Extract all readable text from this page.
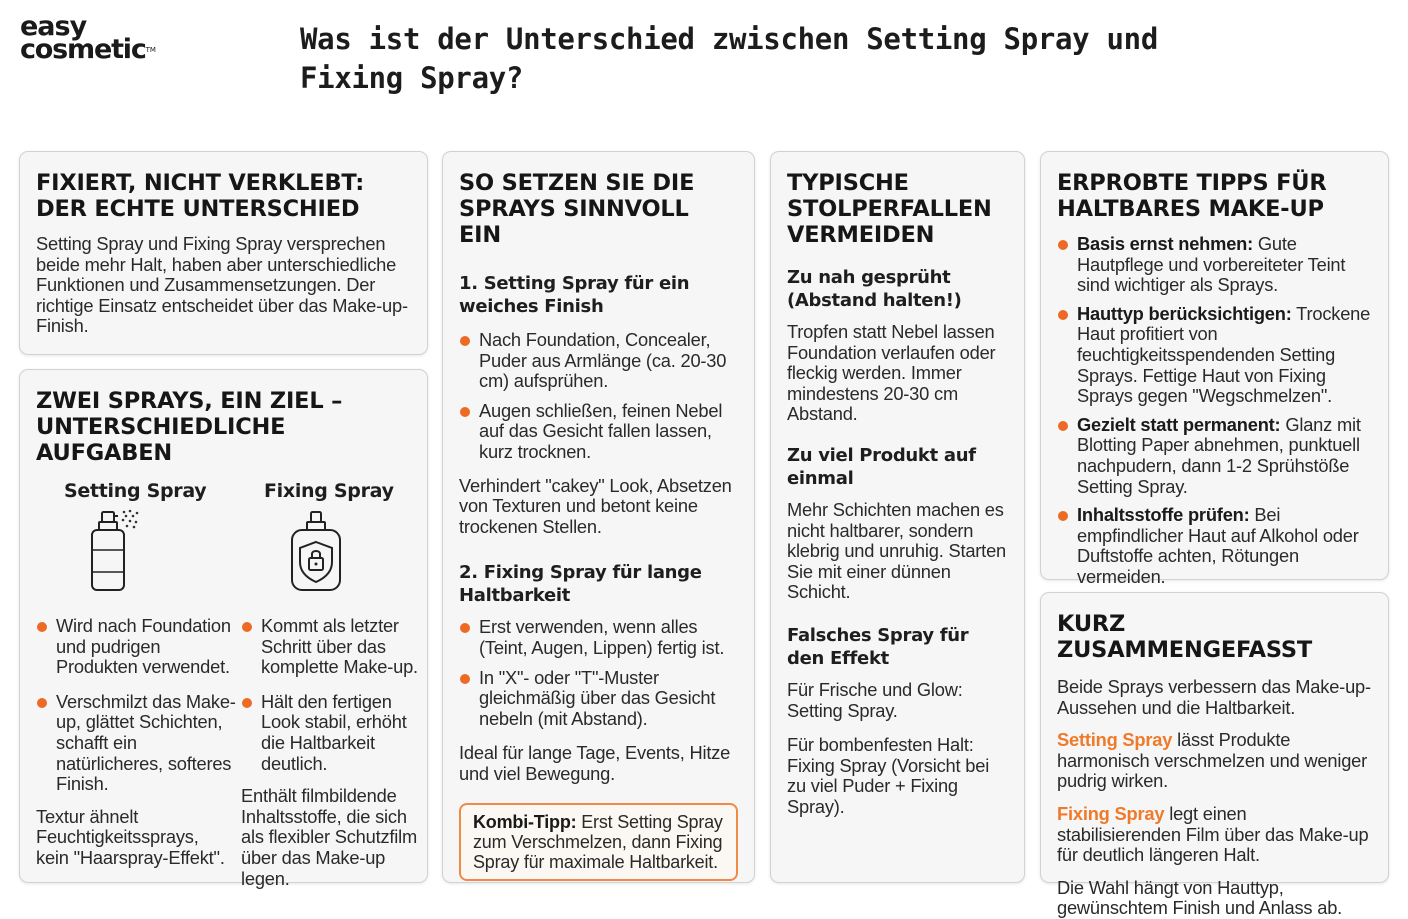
easy
cosmetic™	Was ist der Unterschied zwischen Setting Spray und Fixing Spray?
FIXIERT, NICHT VERKLEBT: DER ECHTE UNTERSCHIED

Setting Spray und Fixing Spray versprechen beide mehr Halt, haben aber unterschiedliche Funktionen und Zusammensetzungen. Der richtige Einsatz entscheidet über das Make-up-Finish.

ZWEI SPRAYS, EIN ZIEL – UNTERSCHIEDLICHE AUFGABEN
Setting Spray
Wird nach Foundation und pudrigen Produkten verwendet.
Verschmilzt das Make-up, glättet Schichten, schafft ein natürlicheres, softeres Finish.

Textur ähnelt Feuchtigkeitssprays, kein "Haarspray-Effekt".

Fixing Spray
Kommt als letzter Schritt über das komplette Make-up.
Hält den fertigen Look stabil, erhöht die Haltbarkeit deutlich.

Enthält filmbildende Inhaltsstoffe, die sich als flexibler Schutzfilm über das Make-up legen.

SO SETZEN SIE DIE SPRAYS SINNVOLL EIN
1. Setting Spray für ein weiches Finish
Nach Foundation, Concealer, Puder aus Armlänge (ca. 20-30 cm) aufsprühen.
Augen schließen, feinen Nebel auf das Gesicht fallen lassen, kurz trocknen.

Verhindert "cakey" Look, Absetzen von Texturen und betont keine trockenen Stellen.

2. Fixing Spray für lange Haltbarkeit
Erst verwenden, wenn alles (Teint, Augen, Lippen) fertig ist.
In "X"- oder "T"-Muster gleichmäßig über das Gesicht nebeln (mit Abstand).

Ideal für lange Tage, Events, Hitze und viel Bewegung.

Kombi-Tipp: Erst Setting Spray zum Verschmelzen, dann Fixing Spray für maximale Haltbarkeit.
TYPISCHE STOLPERFALLEN VERMEIDEN
Zu nah gesprüht (Abstand halten!)

Tropfen statt Nebel lassen Foundation verlaufen oder fleckig werden. Immer mindestens 20-30 cm Abstand.

Zu viel Produkt auf einmal

Mehr Schichten machen es nicht haltbarer, sondern klebrig und unruhig. Starten Sie mit einer dünnen Schicht.

Falsches Spray für den Effekt

Für Frische und Glow: Setting Spray.

Für bombenfesten Halt: Fixing Spray (Vorsicht bei zu viel Puder + Fixing Spray).

ERPROBTE TIPPS FÜR HALTBARES MAKE-UP
Basis ernst nehmen: Gute Hautpflege und vorbereiteter Teint sind wichtiger als Sprays.
Hauttyp berücksichtigen: Trockene Haut profitiert von feuchtigkeitsspendenden Setting Sprays. Fettige Haut von Fixing Sprays gegen "Wegschmelzen".
Gezielt statt permanent: Glanz mit Blotting Paper abnehmen, punktuell nachpudern, dann 1-2 Sprühstöße Setting Spray.
Inhaltsstoffe prüfen: Bei empfindlicher Haut auf Alkohol oder Duftstoffe achten, Rötungen vermeiden.
KURZ ZUSAMMENGEFASST

Beide Sprays verbessern das Make-up-Aussehen und die Haltbarkeit.

Setting Spray lässt Produkte harmonisch verschmelzen und weniger pudrig wirken.

Fixing Spray legt einen stabilisierenden Film über das Make-up für deutlich längeren Halt.

Die Wahl hängt von Hauttyp, gewünschtem Finish und Anlass ab.
